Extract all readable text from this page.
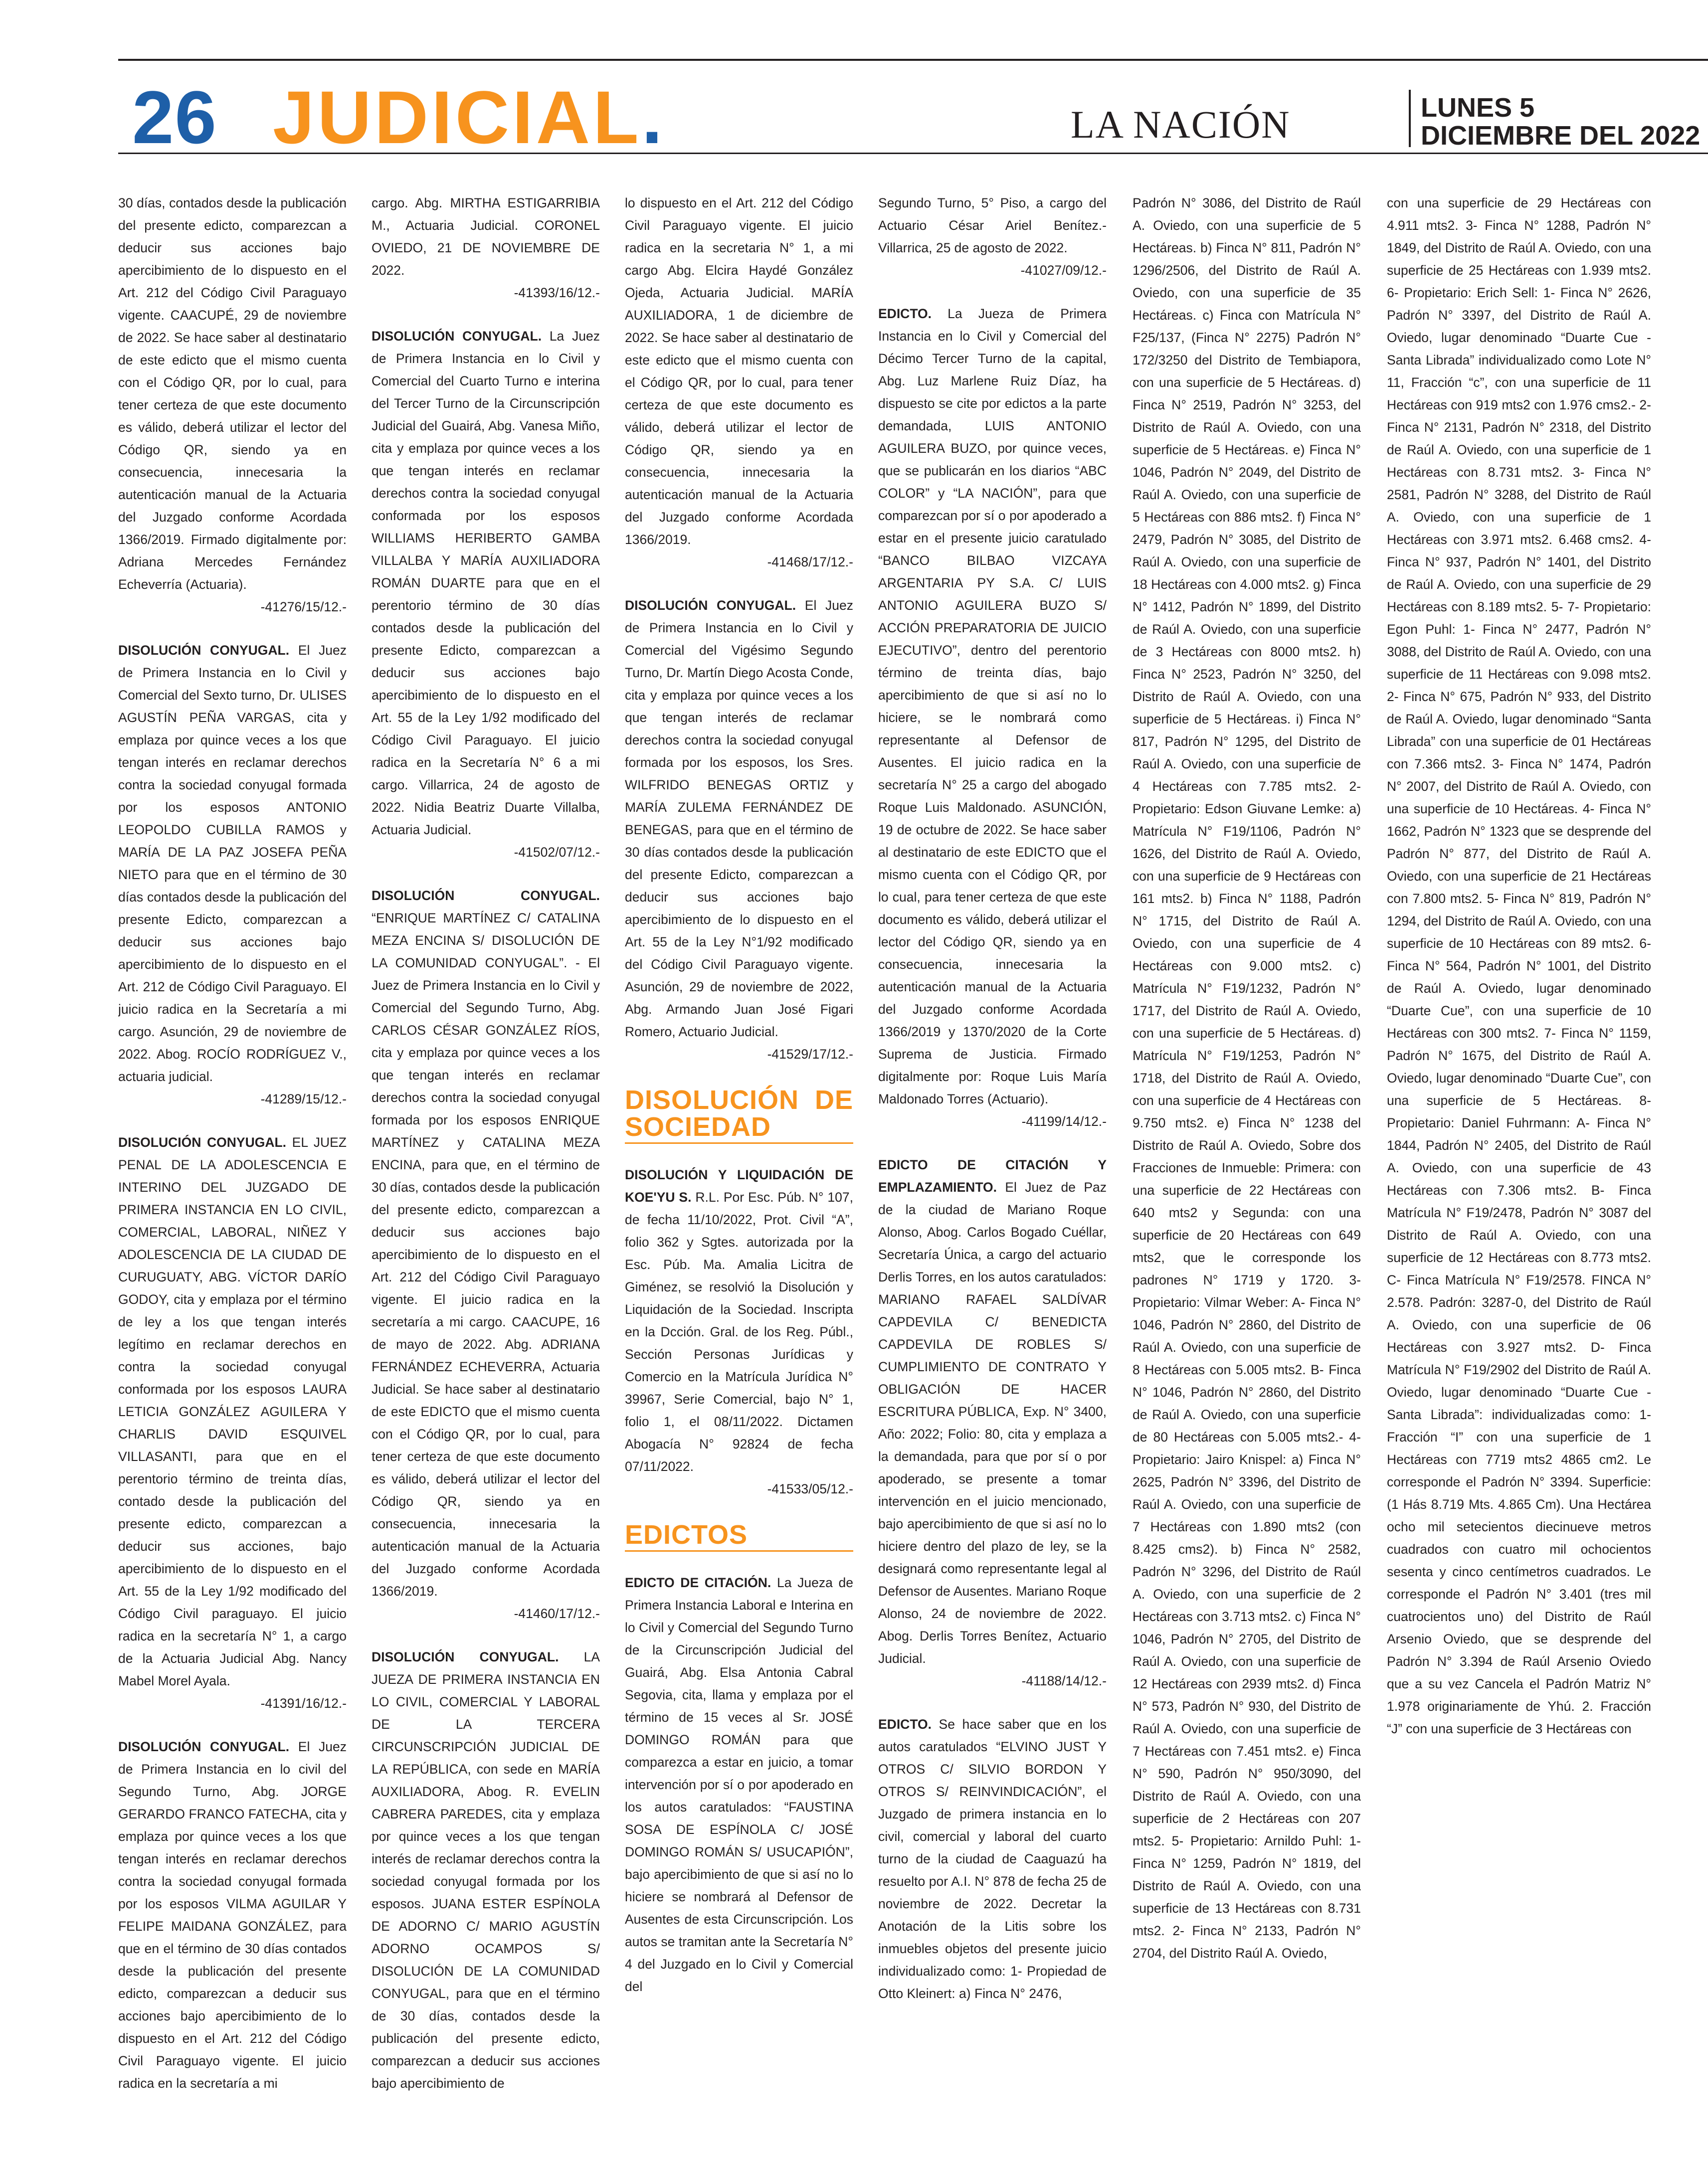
26 JUDICIAL.	LA NACIÓN	LUNES 5
DICIEMBRE DEL 2022

30 días, contados desde la publicación del presente edicto, comparezcan a deducir sus acciones bajo apercibimiento de lo dispuesto en el Art. 212 del Código Civil Paraguayo vigente. CAACUPÉ, 29 de noviembre de 2022. Se hace saber al destinatario de este edicto que el mismo cuenta con el Código QR, por lo cual, para tener certeza de que este documento es válido, deberá utilizar el lector del Código QR, siendo ya en consecuencia, innecesaria la autenticación manual de la Actuaria del Juzgado conforme Acordada 1366/2019. Firmado digitalmente por: Adriana Mercedes Fernández Echeverría (Actuaria).
-41276/15/12.-

DISOLUCIÓN CONYUGAL. El Juez de Primera Instancia en lo Civil y Comercial del Sexto turno, Dr. ULISES AGUSTÍN PEÑA VARGAS, cita y emplaza por quince veces a los que tengan interés en reclamar derechos contra la sociedad conyugal formada por los esposos ANTONIO LEOPOLDO CUBILLA RAMOS y MARÍA DE LA PAZ JOSEFA PEÑA NIETO para que en el término de 30 días contados desde la publicación del presente Edicto, comparezcan a deducir sus acciones bajo apercibimiento de lo dispuesto en el Art. 212 de Código Civil Paraguayo. El juicio radica en la Secretaría a mi cargo. Asunción, 29 de noviembre de 2022. Abog. ROCÍO RODRÍGUEZ V., actuaria judicial.
-41289/15/12.-

DISOLUCIÓN CONYUGAL. EL JUEZ PENAL DE LA ADOLESCENCIA E INTERINO DEL JUZGADO DE PRIMERA INSTANCIA EN LO CIVIL, COMERCIAL, LABORAL, NIÑEZ Y ADOLESCENCIA DE LA CIUDAD DE CURUGUATY, ABG. VÍCTOR DARÍO GODOY, cita y emplaza por el término de ley a los que tengan interés legítimo en reclamar derechos en contra la sociedad conyugal conformada por los esposos LAURA LETICIA GONZÁLEZ AGUILERA Y CHARLIS DAVID ESQUIVEL VILLASANTI, para que en el perentorio término de treinta días, contado desde la publicación del presente edicto, comparezcan a deducir sus acciones, bajo apercibimiento de lo dispuesto en el Art. 55 de la Ley 1/92 modificado del Código Civil paraguayo. El juicio radica en la secretaría N° 1, a cargo de la Actuaria Judicial Abg. Nancy Mabel Morel Ayala.
-41391/16/12.-

DISOLUCIÓN CONYUGAL. El Juez de Primera Instancia en lo civil del Segundo Turno, Abg. JORGE GERARDO FRANCO FATECHA, cita y emplaza por quince veces a los que tengan interés en reclamar derechos contra la sociedad conyugal formada por los esposos VILMA AGUILAR Y FELIPE MAIDANA GONZÁLEZ, para que en el término de 30 días contados desde la publicación del presente edicto, comparezcan a deducir sus acciones bajo apercibimiento de lo dispuesto en el Art. 212 del Código Civil Paraguayo vigente. El juicio radica en la secretaría a mi

cargo. Abg. MIRTHA ESTIGARRIBIA M., Actuaria Judicial. CORONEL OVIEDO, 21 DE NOVIEMBRE DE 2022.
-41393/16/12.-

DISOLUCIÓN CONYUGAL. La Juez de Primera Instancia en lo Civil y Comercial del Cuarto Turno e interina del Tercer Turno de la Circunscripción Judicial del Guairá, Abg. Vanesa Miño, cita y emplaza por quince veces a los que tengan interés en reclamar derechos contra la sociedad conyugal conformada por los esposos WILLIAMS HERIBERTO GAMBA VILLALBA Y MARÍA AUXILIADORA ROMÁN DUARTE para que en el perentorio término de 30 días contados desde la publicación del presente Edicto, comparezcan a deducir sus acciones bajo apercibimiento de lo dispuesto en el Art. 55 de la Ley 1/92 modificado del Código Civil Paraguayo. El juicio radica en la Secretaría N° 6 a mi cargo. Villarrica, 24 de agosto de 2022. Nidia Beatriz Duarte Villalba, Actuaria Judicial.
-41502/07/12.-

DISOLUCIÓN CONYUGAL. “ENRIQUE MARTÍNEZ C/ CATALINA MEZA ENCINA S/ DISOLUCIÓN DE LA COMUNIDAD CONYUGAL”. - El Juez de Primera Instancia en lo Civil y Comercial del Segundo Turno, Abg. CARLOS CÉSAR GONZÁLEZ RÍOS, cita y emplaza por quince veces a los que tengan interés en reclamar derechos contra la sociedad conyugal formada por los esposos ENRIQUE MARTÍNEZ y CATALINA MEZA ENCINA, para que, en el término de 30 días, contados desde la publicación del presente edicto, comparezcan a deducir sus acciones bajo apercibimiento de lo dispuesto en el Art. 212 del Código Civil Paraguayo vigente. El juicio radica en la secretaría a mi cargo. CAACUPE, 16 de mayo de 2022. Abg. ADRIANA FERNÁNDEZ ECHEVERRA, Actuaria Judicial. Se hace saber al destinatario de este EDICTO que el mismo cuenta con el Código QR, por lo cual, para tener certeza de que este documento es válido, deberá utilizar el lector del Código QR, siendo ya en consecuencia, innecesaria la autenticación manual de la Actuaria del Juzgado conforme Acordada 1366/2019.
-41460/17/12.-

DISOLUCIÓN CONYUGAL. LA JUEZA DE PRIMERA INSTANCIA EN LO CIVIL, COMERCIAL Y LABORAL DE LA TERCERA CIRCUNSCRIPCIÓN JUDICIAL DE LA REPÚBLICA, con sede en MARÍA AUXILIADORA, Abog. R. EVELIN CABRERA PAREDES, cita y emplaza por quince veces a los que tengan interés de reclamar derechos contra la sociedad conyugal formada por los esposos. JUANA ESTER ESPÍNOLA DE ADORNO C/ MARIO AGUSTÍN ADORNO OCAMPOS S/ DISOLUCIÓN DE LA COMUNIDAD CONYUGAL, para que en el término de 30 días, contados desde la publicación del presente edicto, comparezcan a deducir sus acciones bajo apercibimiento de

lo dispuesto en el Art. 212 del Código Civil Paraguayo vigente. El juicio radica en la secretaria N° 1, a mi cargo Abg. Elcira Haydé González Ojeda, Actuaria Judicial. MARÍA AUXILIADORA, 1 de diciembre de 2022. Se hace saber al destinatario de este edicto que el mismo cuenta con el Código QR, por lo cual, para tener certeza de que este documento es válido, deberá utilizar el lector de Código QR, siendo ya en consecuencia, innecesaria la autenticación manual de la Actuaria del Juzgado conforme Acordada 1366/2019.
-41468/17/12.-

DISOLUCIÓN CONYUGAL. El Juez de Primera Instancia en lo Civil y Comercial del Vigésimo Segundo Turno, Dr. Martín Diego Acosta Conde, cita y emplaza por quince veces a los que tengan interés de reclamar derechos contra la sociedad conyugal formada por los esposos, los Sres. WILFRIDO BENEGAS ORTIZ y MARÍA ZULEMA FERNÁNDEZ DE BENEGAS, para que en el término de 30 días contados desde la publicación del presente Edicto, comparezcan a deducir sus acciones bajo apercibimiento de lo dispuesto en el Art. 55 de la Ley N°1/92 modificado del Código Civil Paraguayo vigente. Asunción, 29 de noviembre de 2022, Abg. Armando Juan José Figari Romero, Actuario Judicial.
-41529/17/12.-

DISOLUCIÓN DE SOCIEDAD

DISOLUCIÓN Y LIQUIDACIÓN DE KOE'YU S. R.L. Por Esc. Púb. N° 107, de fecha 11/10/2022, Prot. Civil “A”, folio 362 y Sgtes. autorizada por la Esc. Púb. Ma. Amalia Licitra de Giménez, se resolvió la Disolución y Liquidación de la Sociedad. Inscripta en la Dcción. Gral. de los Reg. Públ., Sección Personas Jurídicas y Comercio en la Matrícula Jurídica N° 39967, Serie Comercial, bajo N° 1, folio 1, el 08/11/2022. Dictamen Abogacía N° 92824 de fecha 07/11/2022.
-41533/05/12.-

EDICTOS

EDICTO DE CITACIÓN. La Jueza de Primera Instancia Laboral e Interina en lo Civil y Comercial del Segundo Turno de la Circunscripción Judicial del Guairá, Abg. Elsa Antonia Cabral Segovia, cita, llama y emplaza por el término de 15 veces al Sr. JOSÉ DOMINGO ROMÁN para que comparezca a estar en juicio, a tomar intervención por sí o por apoderado en los autos caratulados: “FAUSTINA SOSA DE ESPÍNOLA C/ JOSÉ DOMINGO ROMÁN S/ USUCAPIÓN”, bajo apercibimiento de que si así no lo hiciere se nombrará al Defensor de Ausentes de esta Circunscripción. Los autos se tramitan ante la Secretaría N° 4 del Juzgado en lo Civil y Comercial del

Segundo Turno, 5° Piso, a cargo del Actuario César Ariel Benítez.- Villarrica, 25 de agosto de 2022.
-41027/09/12.-

EDICTO. La Jueza de Primera Instancia en lo Civil y Comercial del Décimo Tercer Turno de la capital, Abg. Luz Marlene Ruiz Díaz, ha dispuesto se cite por edictos a la parte demandada, LUIS ANTONIO AGUILERA BUZO, por quince veces, que se publicarán en los diarios “ABC COLOR” y “LA NACIÓN”, para que comparezcan por sí o por apoderado a estar en el presente juicio caratulado “BANCO BILBAO VIZCAYA ARGENTARIA PY S.A. C/ LUIS ANTONIO AGUILERA BUZO S/ ACCIÓN PREPARATORIA DE JUICIO EJECUTIVO”, dentro del perentorio término de treinta días, bajo apercibimiento de que si así no lo hiciere, se le nombrará como representante al Defensor de Ausentes. El juicio radica en la secretaría N° 25 a cargo del abogado Roque Luis Maldonado. ASUNCIÓN, 19 de octubre de 2022. Se hace saber al destinatario de este EDICTO que el mismo cuenta con el Código QR, por lo cual, para tener certeza de que este documento es válido, deberá utilizar el lector del Código QR, siendo ya en consecuencia, innecesaria la autenticación manual de la Actuaria del Juzgado conforme Acordada 1366/2019 y 1370/2020 de la Corte Suprema de Justicia. Firmado digitalmente por: Roque Luis María Maldonado Torres (Actuario).
-41199/14/12.-

EDICTO DE CITACIÓN Y EMPLAZAMIENTO. El Juez de Paz de la ciudad de Mariano Roque Alonso, Abog. Carlos Bogado Cuéllar, Secretaría Única, a cargo del actuario Derlis Torres, en los autos caratulados: MARIANO RAFAEL SALDÍVAR CAPDEVILA C/ BENEDICTA CAPDEVILA DE ROBLES S/ CUMPLIMIENTO DE CONTRATO Y OBLIGACIÓN DE HACER ESCRITURA PÚBLICA, Exp. N° 3400, Año: 2022; Folio: 80, cita y emplaza a la demandada, para que por sí o por apoderado, se presente a tomar intervención en el juicio mencionado, bajo apercibimiento de que si así no lo hiciere dentro del plazo de ley, se la designará como representante legal al Defensor de Ausentes. Mariano Roque Alonso, 24 de noviembre de 2022. Abog. Derlis Torres Benítez, Actuario Judicial.
-41188/14/12.-

EDICTO. Se hace saber que en los autos caratulados “ELVINO JUST Y OTROS C/ SILVIO BORDON Y OTROS S/ REINVINDICACIÓN”, el Juzgado de primera instancia en lo civil, comercial y laboral del cuarto turno de la ciudad de Caaguazú ha resuelto por A.I. N° 878 de fecha 25 de noviembre de 2022. Decretar la Anotación de la Litis sobre los inmuebles objetos del presente juicio individualizado como: 1- Propiedad de Otto Kleinert: a) Finca N° 2476,

Padrón N° 3086, del Distrito de Raúl A. Oviedo, con una superficie de 5 Hectáreas. b) Finca N° 811, Padrón N° 1296/2506, del Distrito de Raúl A. Oviedo, con una superficie de 35 Hectáreas. c) Finca con Matrícula N° F25/137, (Finca N° 2275) Padrón N° 172/3250 del Distrito de Tembiapora, con una superficie de 5 Hectáreas. d) Finca N° 2519, Padrón N° 3253, del Distrito de Raúl A. Oviedo, con una superficie de 5 Hectáreas. e) Finca N° 1046, Padrón N° 2049, del Distrito de Raúl A. Oviedo, con una superficie de 5 Hectáreas con 886 mts2. f) Finca N° 2479, Padrón N° 3085, del Distrito de Raúl A. Oviedo, con una superficie de 18 Hectáreas con 4.000 mts2. g) Finca N° 1412, Padrón N° 1899, del Distrito de Raúl A. Oviedo, con una superficie de 3 Hectáreas con 8000 mts2. h) Finca N° 2523, Padrón N° 3250, del Distrito de Raúl A. Oviedo, con una superficie de 5 Hectáreas. i) Finca N° 817, Padrón N° 1295, del Distrito de Raúl A. Oviedo, con una superficie de 4 Hectáreas con 7.785 mts2. 2- Propietario: Edson Giuvane Lemke: a) Matrícula N° F19/1106, Padrón N° 1626, del Distrito de Raúl A. Oviedo, con una superficie de 9 Hectáreas con 161 mts2. b) Finca N° 1188, Padrón N° 1715, del Distrito de Raúl A. Oviedo, con una superficie de 4 Hectáreas con 9.000 mts2. c) Matrícula N° F19/1232, Padrón N° 1717, del Distrito de Raúl A. Oviedo, con una superficie de 5 Hectáreas. d) Matrícula N° F19/1253, Padrón N° 1718, del Distrito de Raúl A. Oviedo, con una superficie de 4 Hectáreas con 9.750 mts2. e) Finca N° 1238 del Distrito de Raúl A. Oviedo, Sobre dos Fracciones de Inmueble: Primera: con una superficie de 22 Hectáreas con 640 mts2 y Segunda: con una superficie de 20 Hectáreas con 649 mts2, que le corresponde los padrones N° 1719 y 1720. 3- Propietario: Vilmar Weber: A- Finca N° 1046, Padrón N° 2860, del Distrito de Raúl A. Oviedo, con una superficie de 8 Hectáreas con 5.005 mts2. B- Finca N° 1046, Padrón N° 2860, del Distrito de Raúl A. Oviedo, con una superficie de 80 Hectáreas con 5.005 mts2.- 4- Propietario: Jairo Knispel: a) Finca N° 2625, Padrón N° 3396, del Distrito de Raúl A. Oviedo, con una superficie de 7 Hectáreas con 1.890 mts2 (con 8.425 cms2). b) Finca N° 2582, Padrón N° 3296, del Distrito de Raúl A. Oviedo, con una superficie de 2 Hectáreas con 3.713 mts2. c) Finca N° 1046, Padrón N° 2705, del Distrito de Raúl A. Oviedo, con una superficie de 12 Hectáreas con 2939 mts2. d) Finca N° 573, Padrón N° 930, del Distrito de Raúl A. Oviedo, con una superficie de 7 Hectáreas con 7.451 mts2. e) Finca N° 590, Padrón N° 950/3090, del Distrito de Raúl A. Oviedo, con una superficie de 2 Hectáreas con 207 mts2. 5- Propietario: Arnildo Puhl: 1- Finca N° 1259, Padrón N° 1819, del Distrito de Raúl A. Oviedo, con una superficie de 13 Hectáreas con 8.731 mts2. 2- Finca N° 2133, Padrón N° 2704, del Distrito Raúl A. Oviedo,

con una superficie de 29 Hectáreas con 4.911 mts2. 3- Finca N° 1288, Padrón N° 1849, del Distrito de Raúl A. Oviedo, con una superficie de 25 Hectáreas con 1.939 mts2. 6- Propietario: Erich Sell: 1- Finca N° 2626, Padrón N° 3397, del Distrito de Raúl A. Oviedo, lugar denominado “Duarte Cue - Santa Librada” individualizado como Lote N° 11, Fracción “c”, con una superficie de 11 Hectáreas con 919 mts2 con 1.976 cms2.- 2- Finca N° 2131, Padrón N° 2318, del Distrito de Raúl A. Oviedo, con una superficie de 1 Hectáreas con 8.731 mts2. 3- Finca N° 2581, Padrón N° 3288, del Distrito de Raúl A. Oviedo, con una superficie de 1 Hectáreas con 3.971 mts2. 6.468 cms2. 4- Finca N° 937, Padrón N° 1401, del Distrito de Raúl A. Oviedo, con una superficie de 29 Hectáreas con 8.189 mts2. 5- 7- Propietario: Egon Puhl: 1- Finca N° 2477, Padrón N° 3088, del Distrito de Raúl A. Oviedo, con una superficie de 11 Hectáreas con 9.098 mts2. 2- Finca N° 675, Padrón N° 933, del Distrito de Raúl A. Oviedo, lugar denominado “Santa Librada” con una superficie de 01 Hectáreas con 7.366 mts2. 3- Finca N° 1474, Padrón N° 2007, del Distrito de Raúl A. Oviedo, con una superficie de 10 Hectáreas. 4- Finca N° 1662, Padrón N° 1323 que se desprende del Padrón N° 877, del Distrito de Raúl A. Oviedo, con una superficie de 21 Hectáreas con 7.800 mts2. 5- Finca N° 819, Padrón N° 1294, del Distrito de Raúl A. Oviedo, con una superficie de 10 Hectáreas con 89 mts2. 6- Finca N° 564, Padrón N° 1001, del Distrito de Raúl A. Oviedo, lugar denominado “Duarte Cue”, con una superficie de 10 Hectáreas con 300 mts2. 7- Finca N° 1159, Padrón N° 1675, del Distrito de Raúl A. Oviedo, lugar denominado “Duarte Cue”, con una superficie de 5 Hectáreas. 8- Propietario: Daniel Fuhrmann: A- Finca N° 1844, Padrón N° 2405, del Distrito de Raúl A. Oviedo, con una superficie de 43 Hectáreas con 7.306 mts2. B- Finca Matrícula N° F19/2478, Padrón N° 3087 del Distrito de Raúl A. Oviedo, con una superficie de 12 Hectáreas con 8.773 mts2. C- Finca Matrícula N° F19/2578. FINCA N° 2.578. Padrón: 3287-0, del Distrito de Raúl A. Oviedo, con una superficie de 06 Hectáreas con 3.927 mts2. D- Finca Matrícula N° F19/2902 del Distrito de Raúl A. Oviedo, lugar denominado “Duarte Cue - Santa Librada”: individualizadas como: 1- Fracción “I” con una superficie de 1 Hectáreas con 7719 mts2 4865 cm2. Le corresponde el Padrón N° 3394. Superficie: (1 Hás 8.719 Mts. 4.865 Cm). Una Hectárea ocho mil setecientos diecinueve metros cuadrados con cuatro mil ochocientos sesenta y cinco centímetros cuadrados. Le corresponde el Padrón N° 3.401 (tres mil cuatrocientos uno) del Distrito de Raúl Arsenio Oviedo, que se desprende del Padrón N° 3.394 de Raúl Arsenio Oviedo que a su vez Cancela el Padrón Matriz N° 1.978 originariamente de Yhú. 2. Fracción “J” con una superficie de 3 Hectáreas con
